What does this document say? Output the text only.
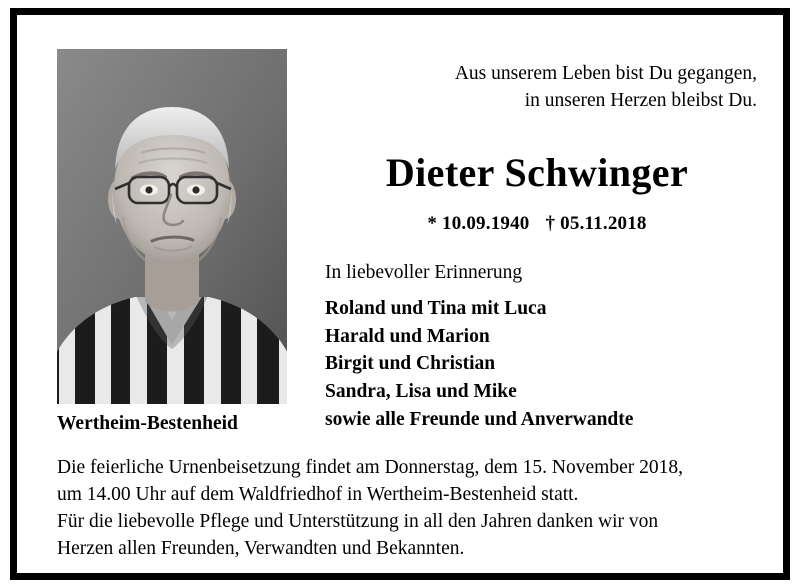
Aus unserem Leben bist Du gegangen,
in unseren Herzen bleibst Du.
Dieter Schwinger
* 10.09.1940 † 05.11.2018
In liebevoller Erinnerung
Roland und Tina mit Luca
Harald und Marion
Birgit und Christian
Sandra, Lisa und Mike
sowie alle Freunde und Anverwandte
Wertheim-Bestenheid

Die feierliche Urnenbeisetzung findet am Donnerstag, dem 15. November 2018,

um 14.00 Uhr auf dem Waldfriedhof in Wertheim-Bestenheid statt.

Für die liebevolle Pflege und Unterstützung in all den Jahren danken wir von

Herzen allen Freunden, Verwandten und Bekannten.
